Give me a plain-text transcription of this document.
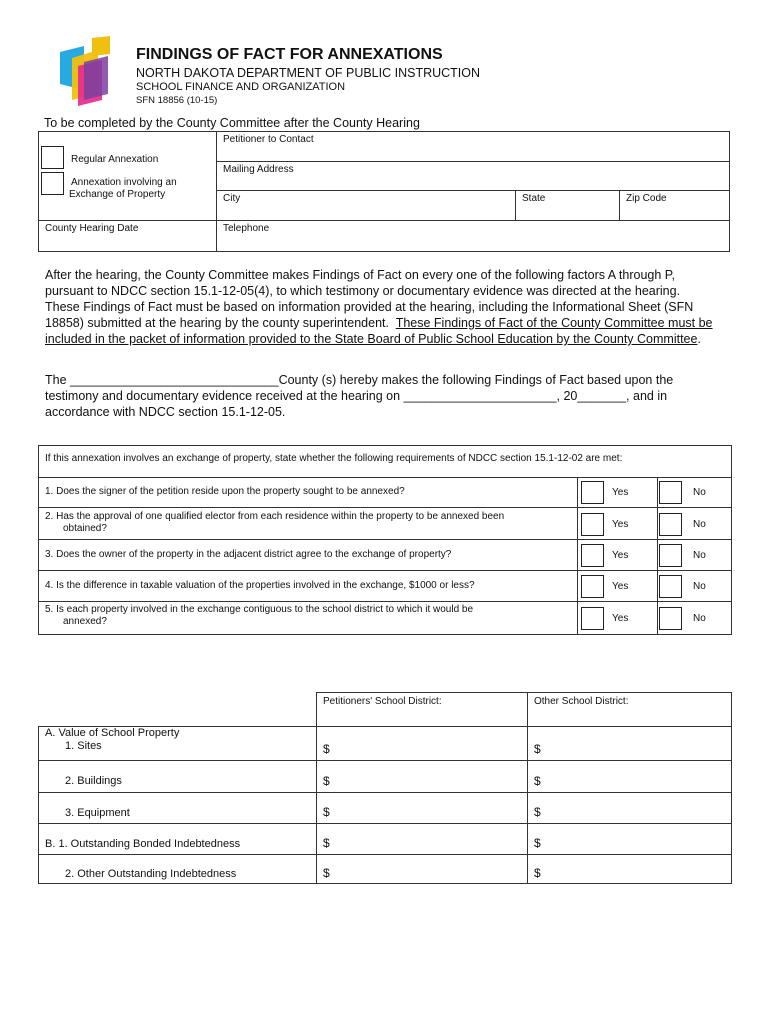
FINDINGS OF FACT FOR ANNEXATIONS
NORTH DAKOTA DEPARTMENT OF PUBLIC INSTRUCTION
SCHOOL FINANCE AND ORGANIZATION
SFN 18856 (10-15)
To be completed by the County Committee after the County Hearing
Regular Annexation
Annexation involving an
Exchange of Property
County Hearing Date
Petitioner to Contact
Mailing Address
City	State	Zip Code
Telephone
After the hearing, the County Committee makes Findings of Fact on every one of the following factors A through P,
pursuant to NDCC section 15.1-12-05(4), to which testimony or documentary evidence was directed at the hearing.
These Findings of Fact must be based on information provided at the hearing, including the Informational Sheet (SFN
18858) submitted at the hearing by the county superintendent.  These Findings of Fact of the County Committee must be
included in the packet of information provided to the State Board of Public School Education by the County Committee.
The ______________________________County (s) hereby makes the following Findings of Fact based upon the
testimony and documentary evidence received at the hearing on ______________________, 20_______, and in
accordance with NDCC section 15.1-12-05.
If this annexation involves an exchange of property, state whether the following requirements of NDCC section 15.1-12-02 are met:
1. Does the signer of the petition reside upon the property sought to be annexed?	Yes	No
2. Has the approval of one qualified elector from each residence within the property to be annexed been
obtained?	Yes	No
3. Does the owner of the property in the adjacent district agree to the exchange of property?	Yes	No
4. Is the difference in taxable valuation of the properties involved in the exchange, $1000 or less?	Yes	No
5. Is each property involved in the exchange contiguous to the school district to which it would be
annexed?	Yes	No
Petitioners' School District:	Other School District:
A. Value of School Property
1. Sites	$	$
2. Buildings	$	$
3. Equipment	$	$
B. 1. Outstanding Bonded Indebtedness	$	$
2. Other Outstanding Indebtedness	$	$
